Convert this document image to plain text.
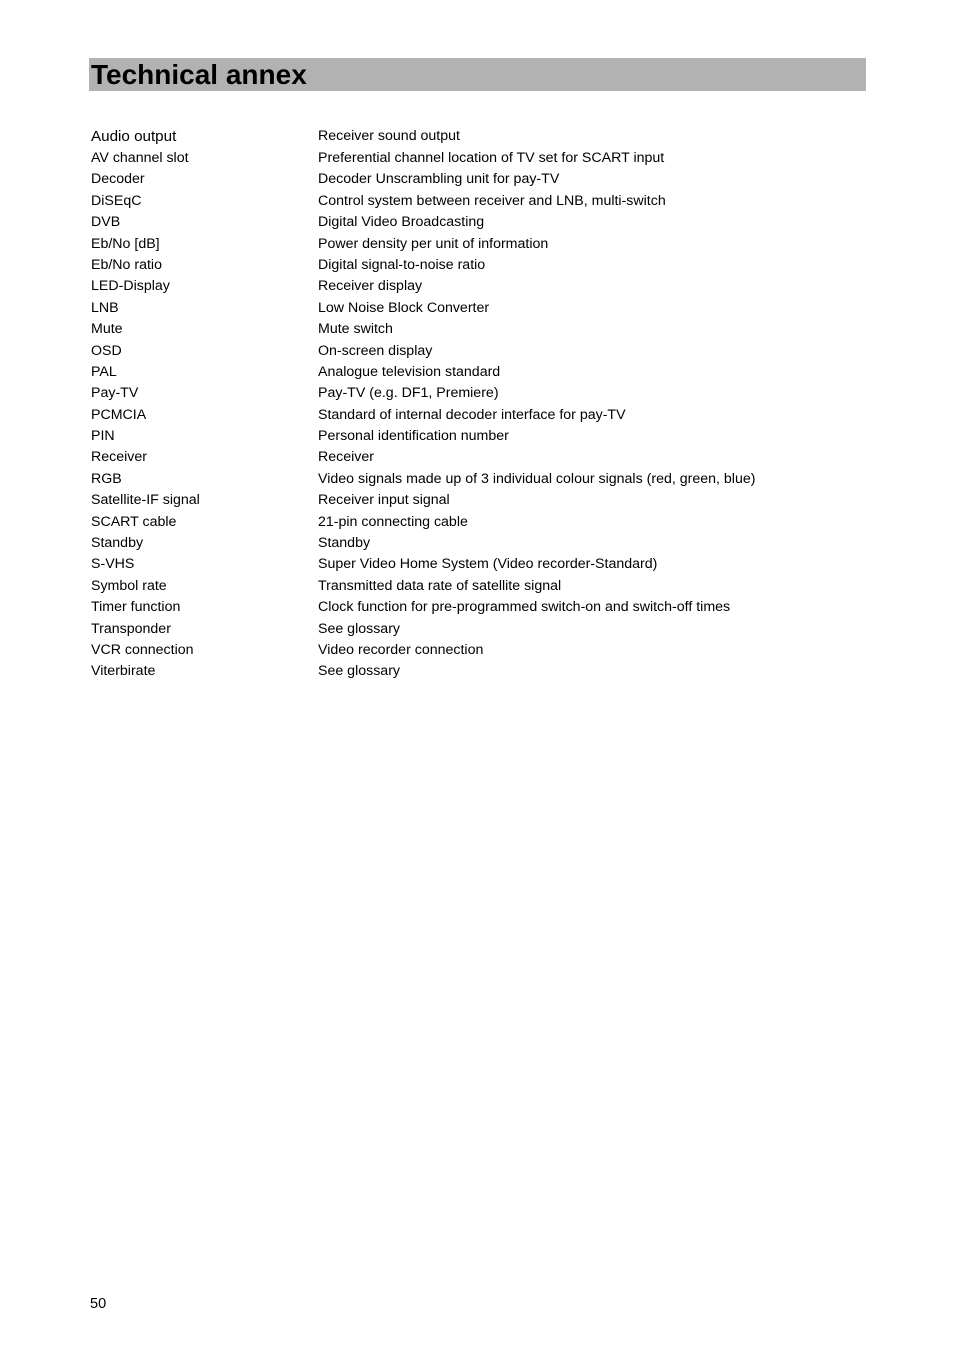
Technical annex
Audio output	Receiver sound output
AV channel slot	Preferential channel location of TV set for SCART input
Decoder	Decoder Unscrambling unit for pay-TV
DiSEqC	Control system between receiver and LNB, multi-switch
DVB	Digital Video Broadcasting
Eb/No [dB]	Power density per unit of information
Eb/No ratio	Digital signal-to-noise ratio
LED-Display	Receiver display
LNB	Low Noise Block Converter
Mute	Mute switch
OSD	On-screen display
PAL	Analogue television standard
Pay-TV	Pay-TV (e.g. DF1, Premiere)
PCMCIA	Standard of internal decoder interface for pay-TV
PIN	Personal identification number
Receiver	Receiver
RGB	Video signals made up of 3 individual colour signals (red, green, blue)
Satellite-IF signal	Receiver input signal
SCART cable	21-pin connecting cable
Standby	Standby
S-VHS	Super Video Home System (Video recorder-Standard)
Symbol rate	Transmitted data rate of satellite signal
Timer function	Clock function for pre-programmed switch-on and switch-off times
Transponder	See glossary
VCR connection	Video recorder connection
Viterbirate	See glossary
50
